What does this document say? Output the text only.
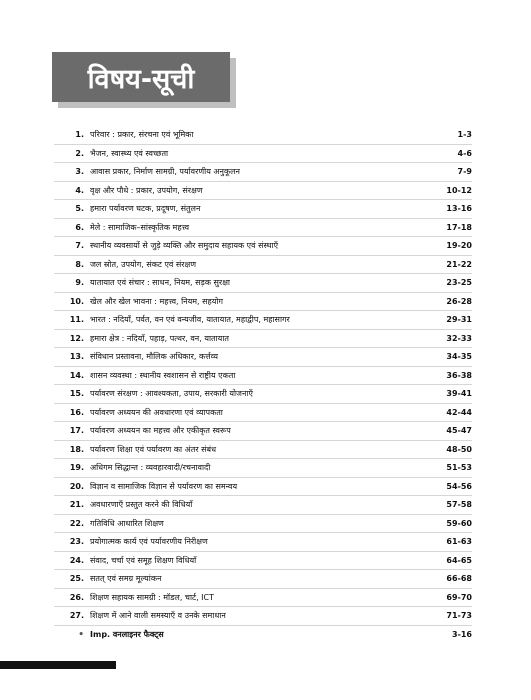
विषय-सूची
1. परिवार : प्रकार, संरचना एवं भूमिका	1-3
2. भैजन, स्वास्थ्य एवं स्वच्छता	4-6
3. आवास प्रकार, निर्माण सामग्री, पर्यावरणीय अनुकूलन	7-9
4. वृक्ष और पौधे : प्रकार, उपयोग, संरक्षण	10-12
5. हमारा पर्यावरण घटक, प्रदूषण, संतुलन	13-16
6. मेले : सामाजिक–सांस्कृतिक महत्त्व	17-18
7. स्थानीय व्यवसायों से जुड़े व्यक्ति और समुदाय सहायक एवं संस्थाएँ	19-20
8. जल स्रोत, उपयोग, संकट एवं संरक्षण	21-22
9. यातायात एवं संचार : साधन, नियम, सड़क सुरक्षा	23-25
10. खेल और खेल भावना : महत्त्व, नियम, सहयोग	26-28
11. भारत : नदियाँ, पर्वत, वन एवं वन्यजीव, यातायात, महाद्वीप, महासागर	29-31
12. हमारा क्षेत्र : नदियाँ, पहाड़, पत्थर, वन, यातायात	32-33
13. संविधान प्रस्तावना, मौलिक अधिकार, कर्त्तव्य	34-35
14. शासन व्यवस्था : स्थानीय स्वशासन से राष्ट्रीय एकता	36-38
15. पर्यावरण संरक्षण : आवश्यकता, उपाय, सरकारी योजनाएँ	39-41
16. पर्यावरण अध्ययन की अवधारणा एवं व्यापकता	42-44
17. पर्यावरण अध्ययन का महत्त्व और एकीकृत स्वरूप	45-47
18. पर्यावरण शिक्षा एवं पर्यावरण का अंतर संबंध	48-50
19. अधिगम सिद्धान्त : व्यवहारवादी/रचनावादी	51-53
20. विज्ञान व सामाजिक विज्ञान से पर्यावरण का समन्वय	54-56
21. अवधारणाएँ प्रस्तुत करने की विधियाँ	57-58
22. गतिविधि आधारित शिक्षण	59-60
23. प्रयोगात्मक कार्य एवं पर्यावरणीय निरीक्षण	61-63
24. संवाद, चर्चा एवं समूह शिक्षण विधियाँ	64-65
25. सतत् एवं समग्र मूल्यांकन	66-68
26. शिक्षण सहायक सामग्री : मॉडल, चार्ट, ICT	69-70
27. शिक्षण में आने वाली समस्याएँ व उनके समाधान	71-73
• Imp. वनलाइनर फैक्ट्स	3-16
